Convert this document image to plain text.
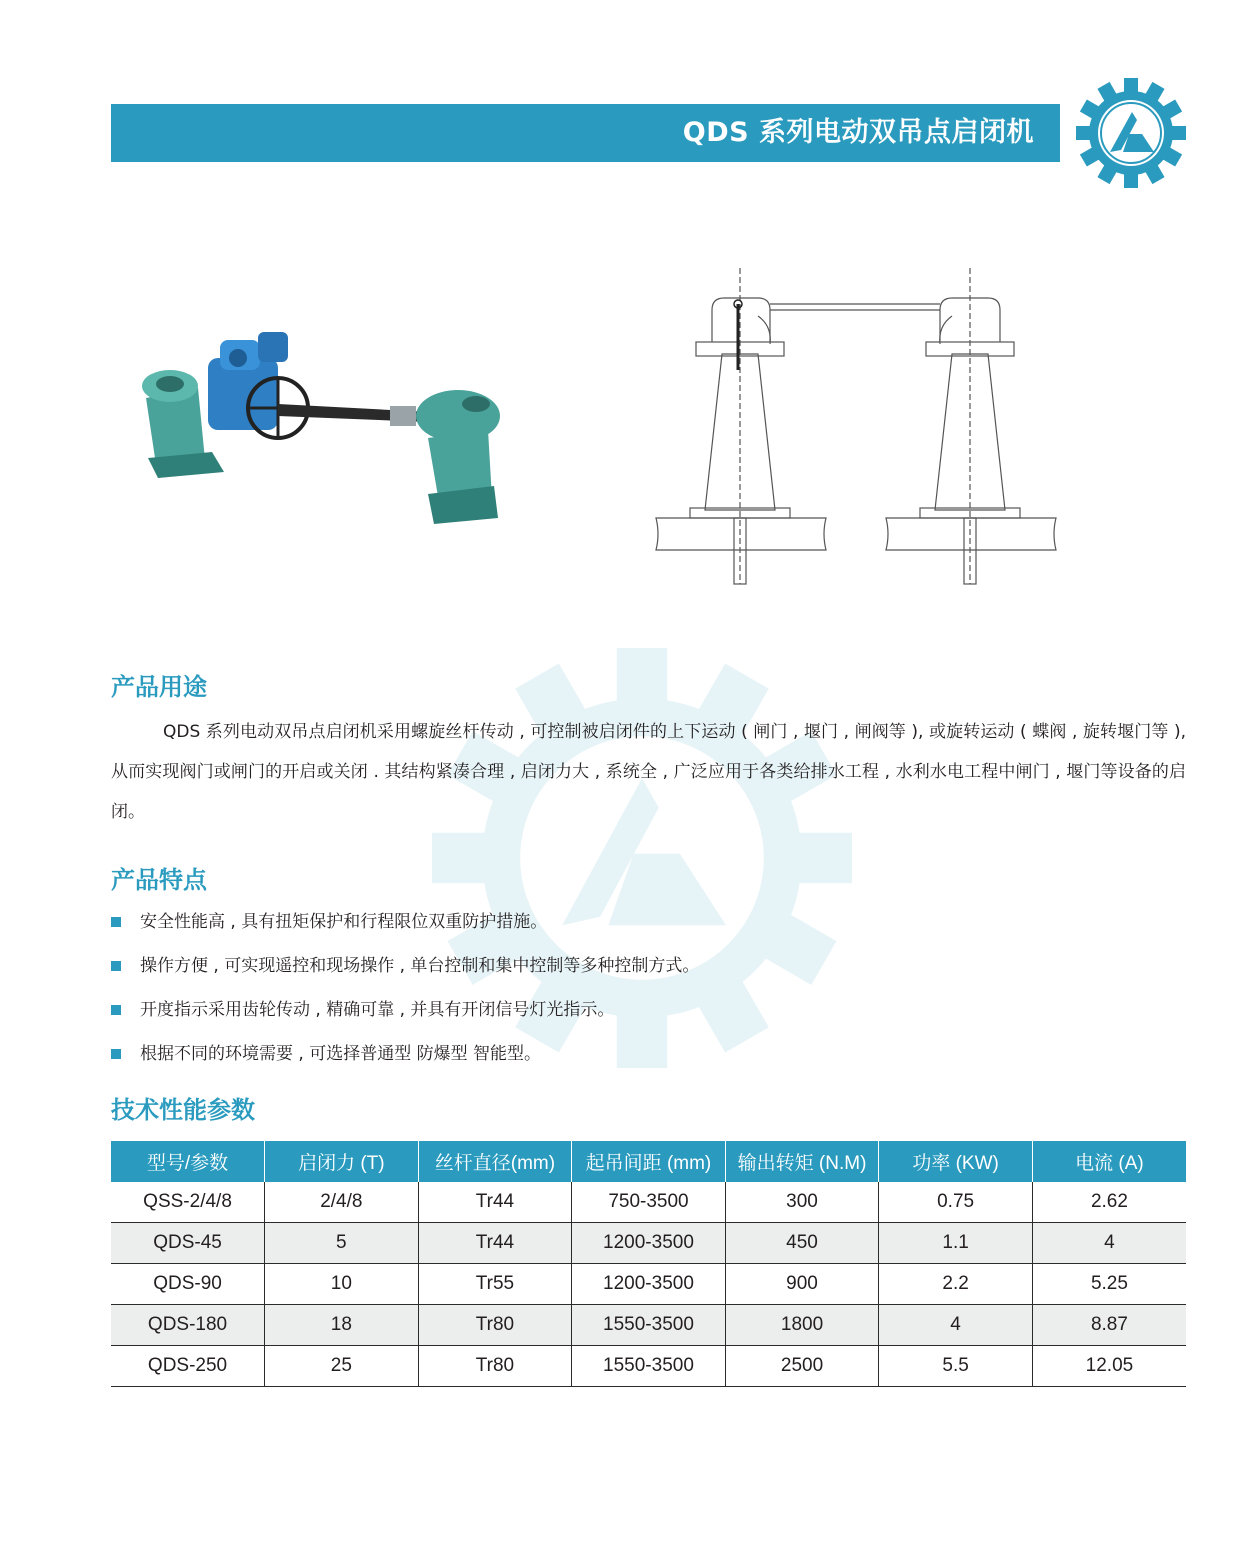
QDS 系列电动双吊点启闭机
产品用途

QDS 系列电动双吊点启闭机采用螺旋丝杆传动 , 可控制被启闭件的上下运动 ( 闸门 , 堰门 , 闸阀等 ), 或旋转运动 ( 蝶阀 , 旋转堰门等 ), 从而实现阀门或闸门的开启或关闭 . 其结构紧凑合理 , 启闭力大 , 系统全 , 广泛应用于各类给排水工程 , 水利水电工程中闸门 , 堰门等设备的启闭。

产品特点
安全性能高 , 具有扭矩保护和行程限位双重防护措施。
操作方便 , 可实现遥控和现场操作 , 单台控制和集中控制等多种控制方式。
开度指示采用齿轮传动 , 精确可靠 , 并具有开闭信号灯光指示。
根据不同的环境需要 , 可选择普通型 防爆型 智能型。
技术性能参数
型号/参数	启闭力 (T)	丝杆直径(mm)	起吊间距 (mm)	输出转矩 (N.M)	功率 (KW)	电流 (A)
QSS-2/4/8	2/4/8	Tr44	750-3500	300	0.75	2.62
QDS-45	5	Tr44	1200-3500	450	1.1	4
QDS-90	10	Tr55	1200-3500	900	2.2	5.25
QDS-180	18	Tr80	1550-3500	1800	4	8.87
QDS-250	25	Tr80	1550-3500	2500	5.5	12.05
